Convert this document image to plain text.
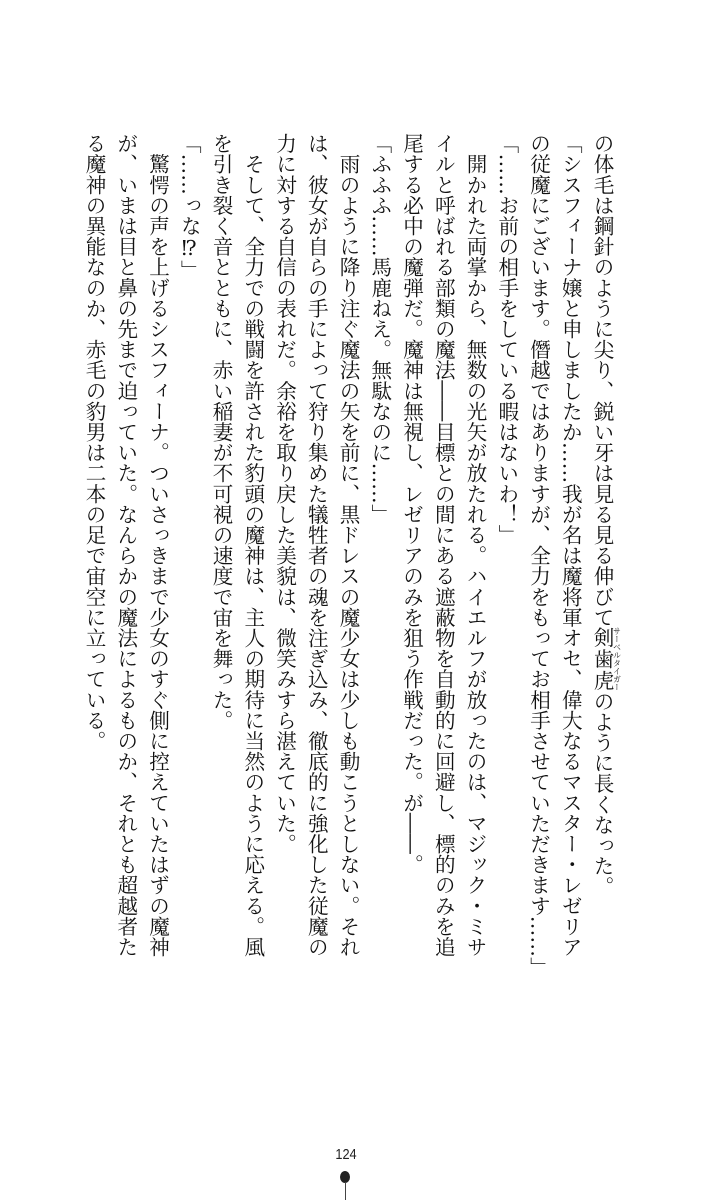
の体毛は鋼針のように尖り、鋭い牙は見る見る伸びて剣歯虎サーベルタイガーのように長くなった。
「シスフィーナ嬢と申しましたか……我が名は魔将軍オセ、偉大なるマスター・レゼリア
の従魔にございます。僭越ではありますが、全力をもってお相手させていただきます……」
「……お前の相手をしている暇はないわ！」
　開かれた両掌から、無数の光矢が放たれる。ハイエルフが放ったのは、マジック・ミサ
イルと呼ばれる部類の魔法――目標との間にある遮蔽物を自動的に回避し、標的のみを追
尾する必中の魔弾だ。魔神は無視し、レゼリアのみを狙う作戦だった。が――。
「ふふふ……馬鹿ねえ。無駄なのに……」
　雨のように降り注ぐ魔法の矢を前に、黒ドレスの魔少女は少しも動こうとしない。それ
は、彼女が自らの手によって狩り集めた犠牲者の魂を注ぎ込み、徹底的に強化した従魔の
力に対する自信の表れだ。余裕を取り戻した美貌は、微笑みすら湛えていた。
　そして、全力での戦闘を許された豹頭の魔神は、主人の期待に当然のように応える。風
を引き裂く音とともに、赤い稲妻が不可視の速度で宙を舞った。
「……っな⁉」
　驚愕の声を上げるシスフィーナ。ついさっきまで少女のすぐ側に控えていたはずの魔神
が、いまは目と鼻の先まで迫っていた。なんらかの魔法によるものか、それとも超越者た
る魔神の異能なのか、赤毛の豹男は二本の足で宙空に立っている。
124
